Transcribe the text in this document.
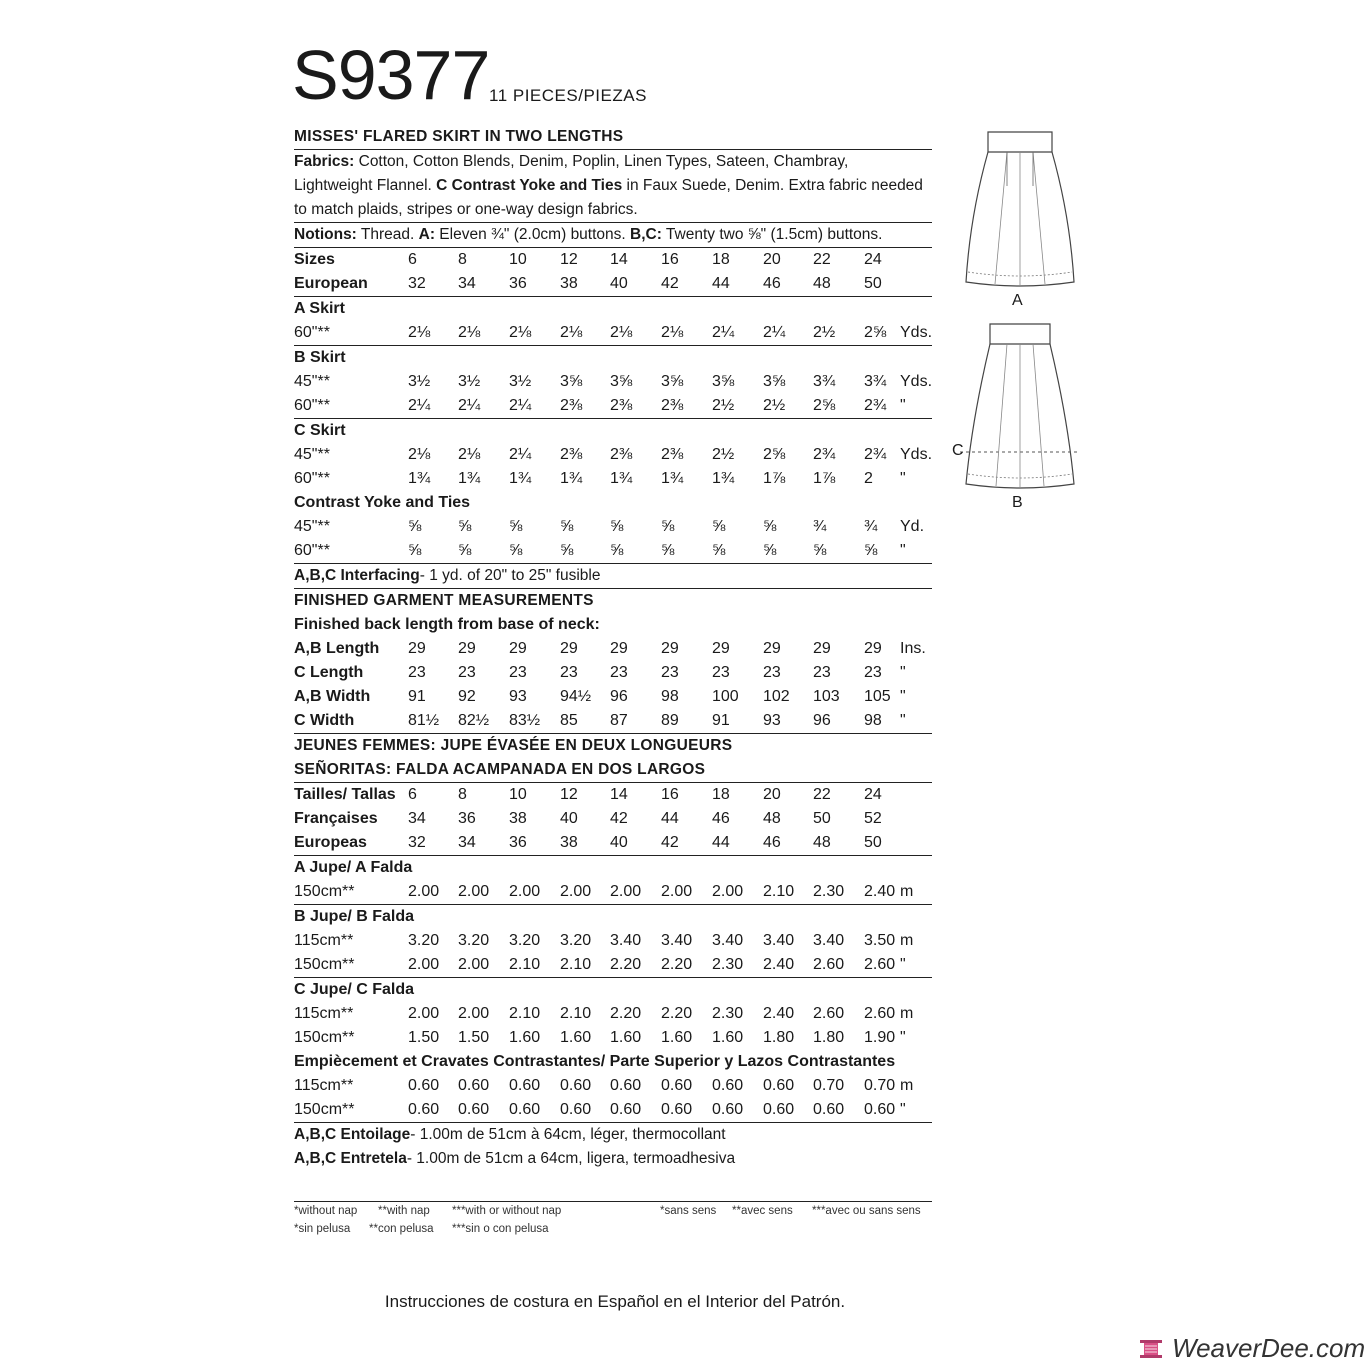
S9377 11 PIECES/PIEZAS
MISSES' FLARED SKIRT IN TWO LENGTHS
Fabrics: Cotton, Cotton Blends, Denim, Poplin, Linen Types, Sateen, Chambray,
Lightweight Flannel. C Contrast Yoke and Ties in Faux Suede, Denim. Extra fabric needed
to match plaids, stripes or one-way design fabrics.
Notions: Thread. A: Eleven ¾" (2.0cm) buttons. B,C: Twenty two ⅝" (1.5cm) buttons.
Sizes	6	8	10 12 14 16 18 20 22 24
European	32 34 36 38 40 42 44 46 48 50
A Skirt
60"**	2⅛ 2⅛ 2⅛ 2⅛ 2⅛ 2⅛ 2¼ 2¼ 2½ 2⅝ Yds.
B Skirt
45"**	3½ 3½ 3½ 3⅝ 3⅝ 3⅝ 3⅝ 3⅝ 3¾ 3¾ Yds.
60"**	2¼ 2¼ 2¼ 2⅜ 2⅜ 2⅜ 2½ 2½ 2⅝ 2¾ "
C Skirt
45"**	2⅛ 2⅛ 2¼ 2⅜ 2⅜ 2⅜ 2½ 2⅝ 2¾ 2¾ Yds.
60"**	1¾ 1¾ 1¾ 1¾ 1¾ 1¾ 1¾ 1⅞ 1⅞ 2 "
Contrast Yoke and Ties
45"**	⅝ ⅝ ⅝ ⅝ ⅝ ⅝ ⅝ ⅝ ¾ ¾ Yd.
60"**	⅝ ⅝ ⅝ ⅝ ⅝ ⅝ ⅝ ⅝ ⅝ ⅝ "
A,B,C Interfacing- 1 yd. of 20" to 25" fusible
FINISHED GARMENT MEASUREMENTS
Finished back length from base of neck:
A,B Length 29 29 29 29 29 29 29 29 29 29 Ins.
C Length	23 23 23 23 23 23 23 23 23 23 "
A,B Width 91 92 93 94½ 96 98 100 102 103 105 "
C Width	81½ 82½ 83½ 85 87 89 91 93 96 98 "
JEUNES FEMMES: JUPE ÉVASÉE EN DEUX LONGUEURS
SEÑORITAS: FALDA ACAMPANADA EN DOS LARGOS
Tailles/ Tallas 6	8	10 12 14 16 18 20 22 24
Françaises 34 36 38 40 42 44 46 48 50 52
Europeas	32 34 36 38 40 42 44 46 48 50
A Jupe/ A Falda
150cm**	2.00 2.00 2.00 2.00 2.00 2.00 2.00 2.10 2.30 2.40 m
B Jupe/ B Falda
115cm**	3.20 3.20 3.20 3.20 3.40 3.40 3.40 3.40 3.40 3.50 m
150cm**	2.00 2.00 2.10 2.10 2.20 2.20 2.30 2.40 2.60 2.60 "
C Jupe/ C Falda
115cm**	2.00 2.00 2.10 2.10 2.20 2.20 2.30 2.40 2.60 2.60 m
150cm**	1.50 1.50 1.60 1.60 1.60 1.60 1.60 1.80 1.80 1.90 "
Empiècement et Cravates Contrastantes/ Parte Superior y Lazos Contrastantes
115cm**	0.60 0.60 0.60 0.60 0.60 0.60 0.60 0.60 0.70 0.70 m
150cm**	0.60 0.60 0.60 0.60 0.60 0.60 0.60 0.60 0.60 0.60 "
A,B,C Entoilage- 1.00m de 51cm à 64cm, léger, thermocollant
A,B,C Entretela- 1.00m de 51cm a 64cm, ligera, termoadhesiva
*without nap **with nap ***with or without nap	*sans sens **avec sens ***avec ou sans sens
*sin pelusa **con pelusa ***sin o con pelusa
Instrucciones de costura en Español en el Interior del Patrón.
A
C
B
WeaverDee.com
